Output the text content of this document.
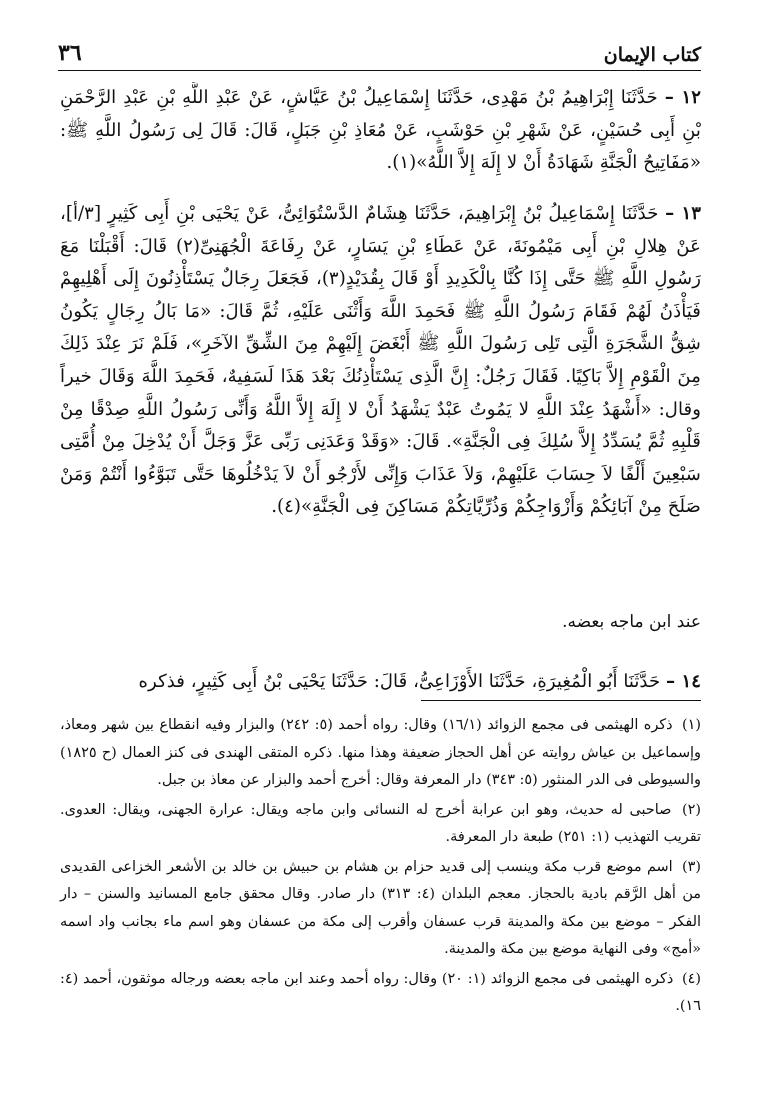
كتاب الإيمان
٣٦

١٢ – حَدَّثَنَا إِبْرَاهِيمُ بْنُ مَهْدِى، حَدَّثَنَا إِسْمَاعِيلُ بْنُ عَيَّاشٍ، عَنْ عَبْدِ اللَّهِ بْنِ عَبْدِ الرَّحْمَنِ بْنِ أَبِى حُسَيْنٍ، عَنْ شَهْرِ بْنِ حَوْشَبٍ، عَنْ مُعَاذِ بْنِ جَبَلٍ، قَالَ: قَالَ لِى رَسُولُ اللَّهِ ﷺ: «مَفَاتِيحُ الْجَنَّةِ شَهَادَةُ أَنْ لا إِلَهَ إِلاَّ اللَّهُ»(١).

١٣ – حَدَّثَنَا إِسْمَاعِيلُ بْنُ إِبْرَاهِيمَ، حَدَّثَنَا هِشَامٌ الدَّسْتُوَائِىُّ، عَنْ يَحْيَى بْنِ أَبِى كَثِيرٍ [٣/أ]، عَنْ هِلالِ بْنِ أَبِى مَيْمُونَةَ، عَنْ عَطَاءِ بْنِ يَسَارٍ، عَنْ رِفَاعَةَ الْجُهَنِىِّ(٢) قَالَ: أَقْبَلْنَا مَعَ رَسُولِ اللَّهِ ﷺ حَتَّى إِذَا كُنَّا بِالْكَدِيدِ أَوْ قَالَ بِقُدَيْدٍ(٣)، فَجَعَلَ رِجَالٌ يَسْتَأْذِنُونَ إِلَى أَهْلِيهِمْ فَيَأْذَنُ لَهُمْ فَقَامَ رَسُولُ اللَّهِ ﷺ فَحَمِدَ اللَّهَ وَأَثْنَى عَلَيْهِ، ثُمَّ قَالَ: «مَا بَالُ رِجَالٍ يَكُونُ شِقُّ الشَّجَرَةِ الَّتِى تَلِى رَسُولَ اللَّهِ ﷺ أَبْغَضَ إِلَيْهِمْ مِنَ الشِّقِّ الآخَرِ»، فَلَمْ نَرَ عِنْدَ ذَلِكَ مِنَ الْقَوْمِ إِلاَّ بَاكِيًا. فَقَالَ رَجُلٌ: إِنَّ الَّذِى يَسْتَأْذِنُكَ بَعْدَ هَذَا لَسَفِيهٌ، فَحَمِدَ اللَّهَ وَقَالَ خيراً وقال: «أَشْهَدُ عِنْدَ اللَّهِ لا يَمُوتُ عَبْدٌ يَشْهَدُ أَنْ لا إِلَهَ إِلاَّ اللَّهُ وَأَنِّى رَسُولُ اللَّهِ صِدْقًا مِنْ قَلْبِهِ ثُمَّ يُسَدِّدُ إِلاَّ سُلِكَ فِى الْجَنَّةِ». قَالَ: «وَقَدْ وَعَدَنِى رَبِّى عَزَّ وَجَلَّ أَنْ يُدْخِلَ مِنْ أُمَّتِى سَبْعِينَ أَلْفًا لاَ حِسَابَ عَلَيْهِمْ، وَلاَ عَذَابَ وَإِنِّى لأَرْجُو أَنْ لاَ يَدْخُلُوهَا حَتَّى تَبَوَّءُوا أَنْتُمْ وَمَنْ صَلَحَ مِنْ آبَائِكُمْ وَأَزْوَاجِكُمْ وَذُرِّيَّاتِكُمْ مَسَاكِنَ فِى الْجَنَّةِ»(٤).

عند ابن ماجه بعضه.

١٤ – حَدَّثَنَا أَبُو الْمُغِيرَةِ، حَدَّثَنَا الأَوْزَاعِىُّ، قَالَ: حَدَّثَنَا يَحْيَى بْنُ أَبِى كَثِيرٍ، فذكره

(١) ذكره الهيثمى فى مجمع الزوائد (١٦/١) وقال: رواه أحمد (٥: ٢٤٢) والبزار وفيه انقطاع بين شهر ومعاذ، وإسماعيل بن عياش روايته عن أهل الحجاز ضعيفة وهذا منها. ذكره المتقى الهندى فى كنز العمال (ح ١٨٢٥) والسيوطى فى الدر المنثور (٥: ٣٤٣) دار المعرفة وقال: أخرج أحمد والبزار عن معاذ بن جبل.

(٢) صاحبى له حديث، وهو ابن عرابة أخرج له النسائى وابن ماجه ويقال: عرارة الجهنى، ويقال: العدوى. تقريب التهذيب (١: ٢٥١) طبعة دار المعرفة.

(٣) اسم موضع قرب مكة وينسب إلى قديد حزام بن هشام بن حبيش بن خالد بن الأشعر الخزاعى القديدى من أهل الرَّقم بادية بالحجاز. معجم البلدان (٤: ٣١٣) دار صادر. وقال محقق جامع المسانيد والسنن – دار الفكر – موضع بين مكة والمدينة قرب عسفان وأقرب إلى مكة من عسفان وهو اسم ماء بجانب واد اسمه «أمج» وفى النهاية موضع بين مكة والمدينة.

(٤) ذكره الهيثمى فى مجمع الزوائد (١: ٢٠) وقال: رواه أحمد وعند ابن ماجه بعضه ورجاله موثقون، أحمد (٤: ١٦).
